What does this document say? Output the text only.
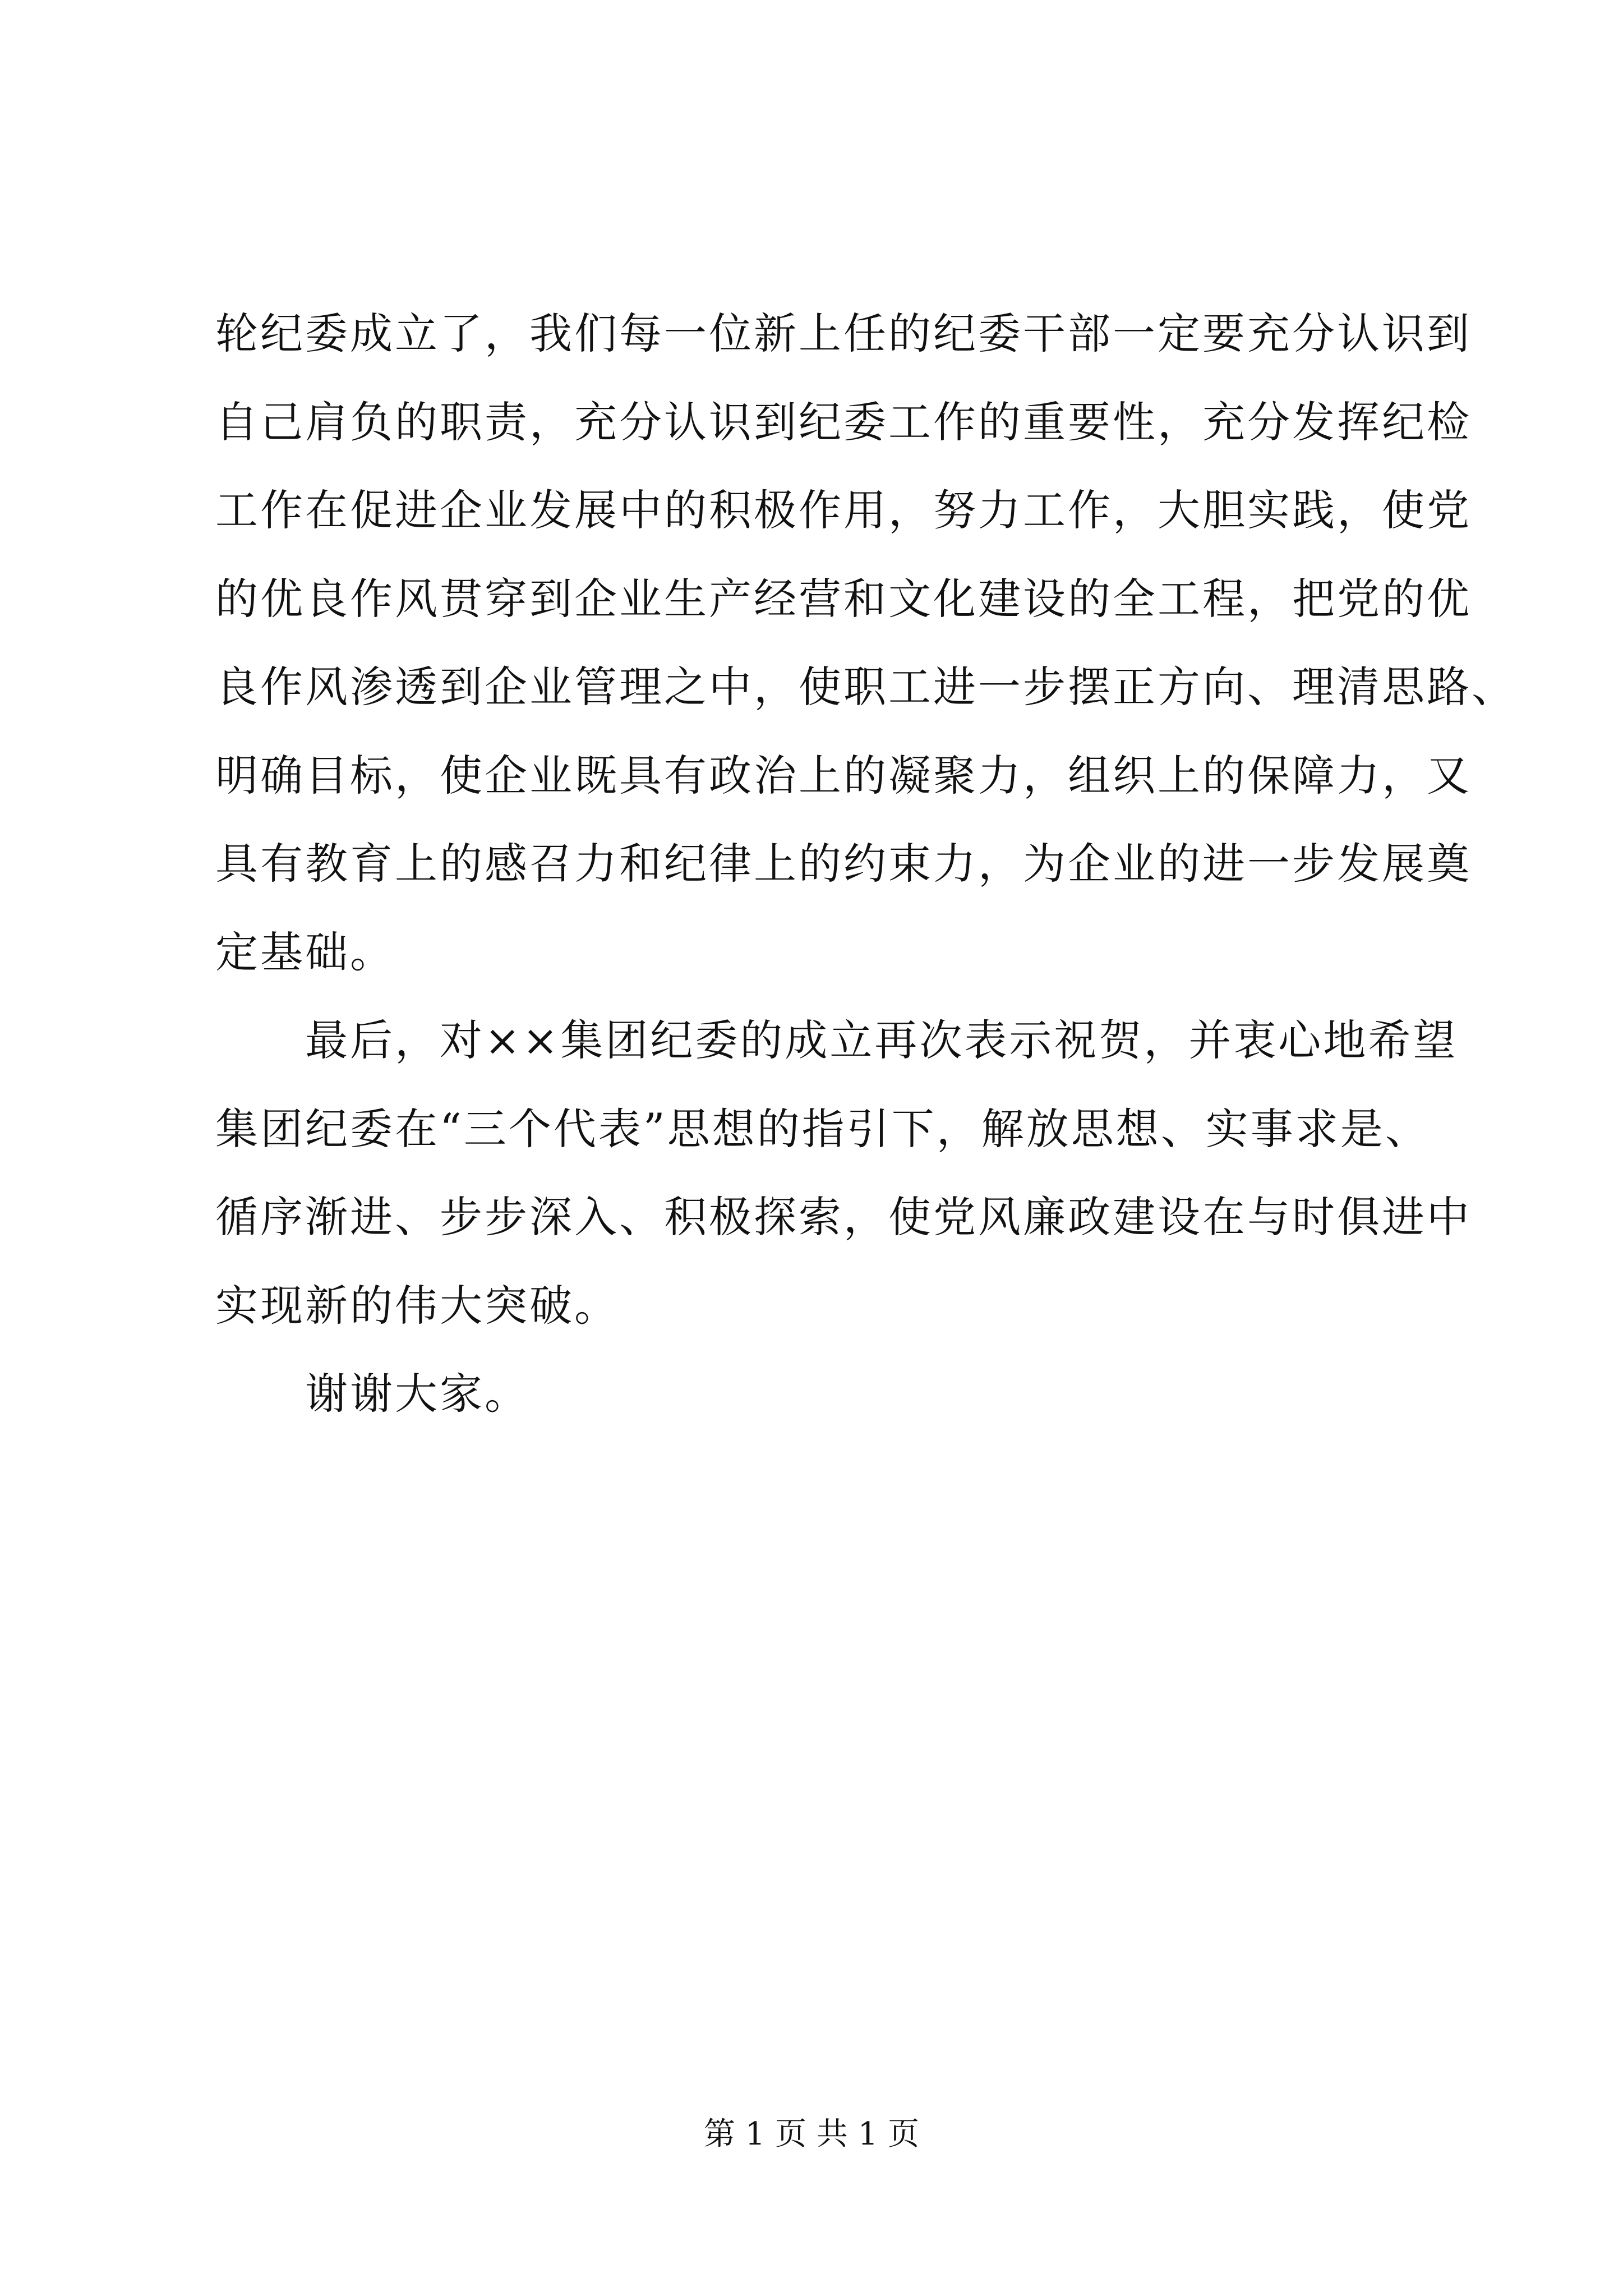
轮纪委成立了，我们每一位新上任的纪委干部一定要充分认识到
自己肩负的职责，充分认识到纪委工作的重要性，充分发挥纪检
工作在促进企业发展中的积极作用，努力工作，大胆实践，使党
的优良作风贯穿到企业生产经营和文化建设的全工程，把党的优
良作风渗透到企业管理之中，使职工进一步摆正方向、理清思路、
明确目标，使企业既具有政治上的凝聚力，组织上的保障力，又
具有教育上的感召力和纪律上的约束力，为企业的进一步发展奠
定基础。
最后，对××集团纪委的成立再次表示祝贺，并衷心地希望
集团纪委在“三个代表”思想的指引下，解放思想、实事求是、
循序渐进、步步深入、积极探索，使党风廉政建设在与时俱进中
实现新的伟大突破。
谢谢大家。
第 1 页 共 1 页
